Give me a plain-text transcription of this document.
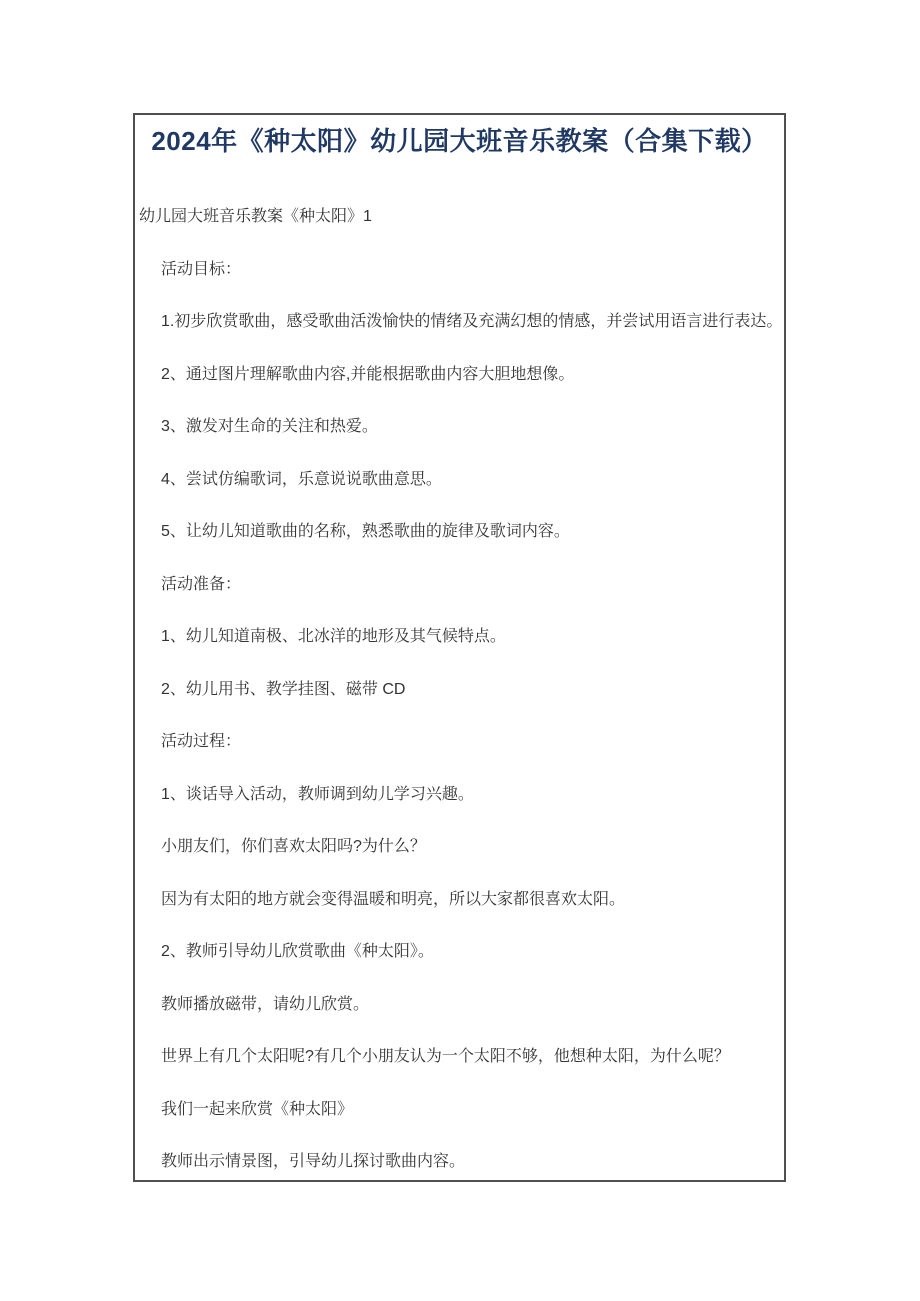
2024年《种太阳》幼儿园大班音乐教案（合集下载）

幼儿园大班音乐教案《种太阳》1

活动目标：

1.初步欣赏歌曲，感受歌曲活泼愉快的情绪及充满幻想的情感，并尝试用语言进行表达。

2、通过图片理解歌曲内容,并能根据歌曲内容大胆地想像。

3、激发对生命的关注和热爱。

4、尝试仿编歌词，乐意说说歌曲意思。

5、让幼儿知道歌曲的名称，熟悉歌曲的旋律及歌词内容。

活动准备：

1、幼儿知道南极、北冰洋的地形及其气候特点。

2、幼儿用书、教学挂图、磁带 CD

活动过程：

1、谈话导入活动，教师调到幼儿学习兴趣。

小朋友们，你们喜欢太阳吗?为什么？

因为有太阳的地方就会变得温暖和明亮，所以大家都很喜欢太阳。

2、教师引导幼儿欣赏歌曲《种太阳》。

教师播放磁带，请幼儿欣赏。

世界上有几个太阳呢?有几个小朋友认为一个太阳不够，他想种太阳，为什么呢？

我们一起来欣赏《种太阳》

教师出示情景图，引导幼儿探讨歌曲内容。
